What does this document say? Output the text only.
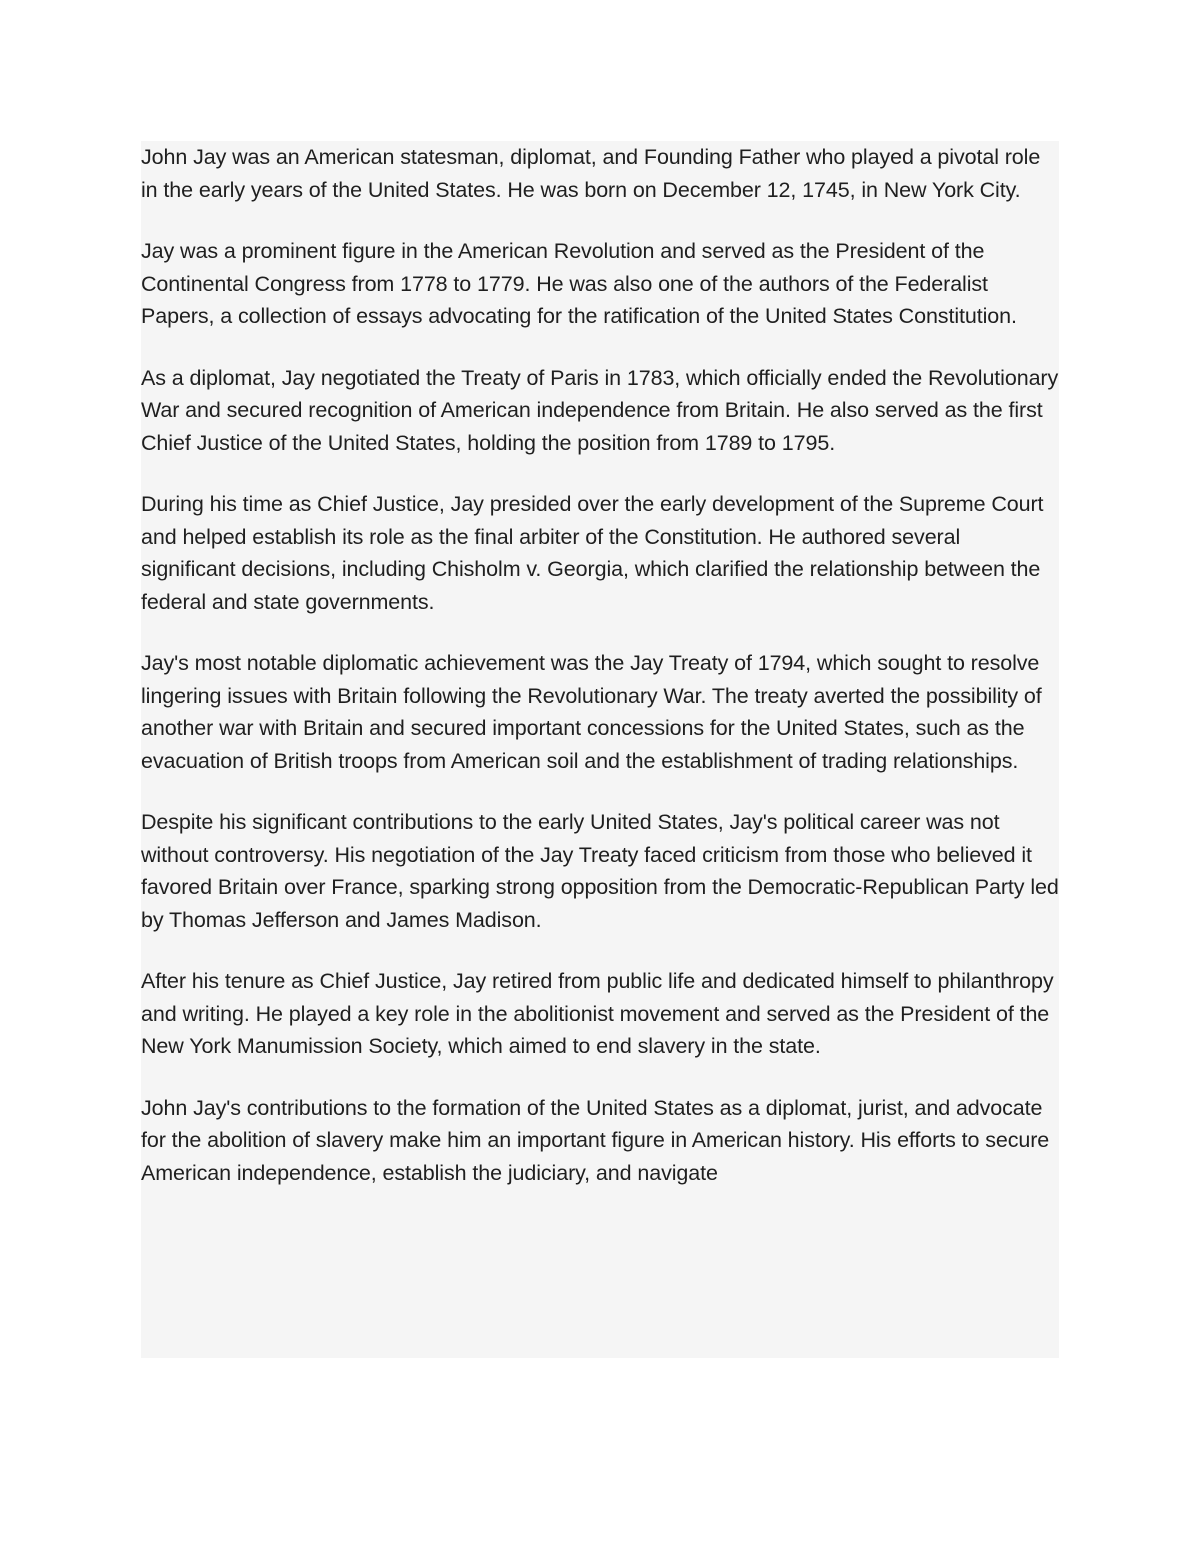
John Jay was an American statesman, diplomat, and Founding Father who played a pivotal role in the early years of the United States. He was born on December 12, 1745, in New York City.

Jay was a prominent figure in the American Revolution and served as the President of the Continental Congress from 1778 to 1779. He was also one of the authors of the Federalist Papers, a collection of essays advocating for the ratification of the United States Constitution.

As a diplomat, Jay negotiated the Treaty of Paris in 1783, which officially ended the Revolutionary War and secured recognition of American independence from Britain. He also served as the first Chief Justice of the United States, holding the position from 1789 to 1795.

During his time as Chief Justice, Jay presided over the early development of the Supreme Court and helped establish its role as the final arbiter of the Constitution. He authored several significant decisions, including Chisholm v. Georgia, which clarified the relationship between the federal and state governments.

Jay's most notable diplomatic achievement was the Jay Treaty of 1794, which sought to resolve lingering issues with Britain following the Revolutionary War. The treaty averted the possibility of another war with Britain and secured important concessions for the United States, such as the evacuation of British troops from American soil and the establishment of trading relationships.

Despite his significant contributions to the early United States, Jay's political career was not without controversy. His negotiation of the Jay Treaty faced criticism from those who believed it favored Britain over France, sparking strong opposition from the Democratic-Republican Party led by Thomas Jefferson and James Madison.

After his tenure as Chief Justice, Jay retired from public life and dedicated himself to philanthropy and writing. He played a key role in the abolitionist movement and served as the President of the New York Manumission Society, which aimed to end slavery in the state.

John Jay's contributions to the formation of the United States as a diplomat, jurist, and advocate for the abolition of slavery make him an important figure in American history. His efforts to secure American independence, establish the judiciary, and navigate
